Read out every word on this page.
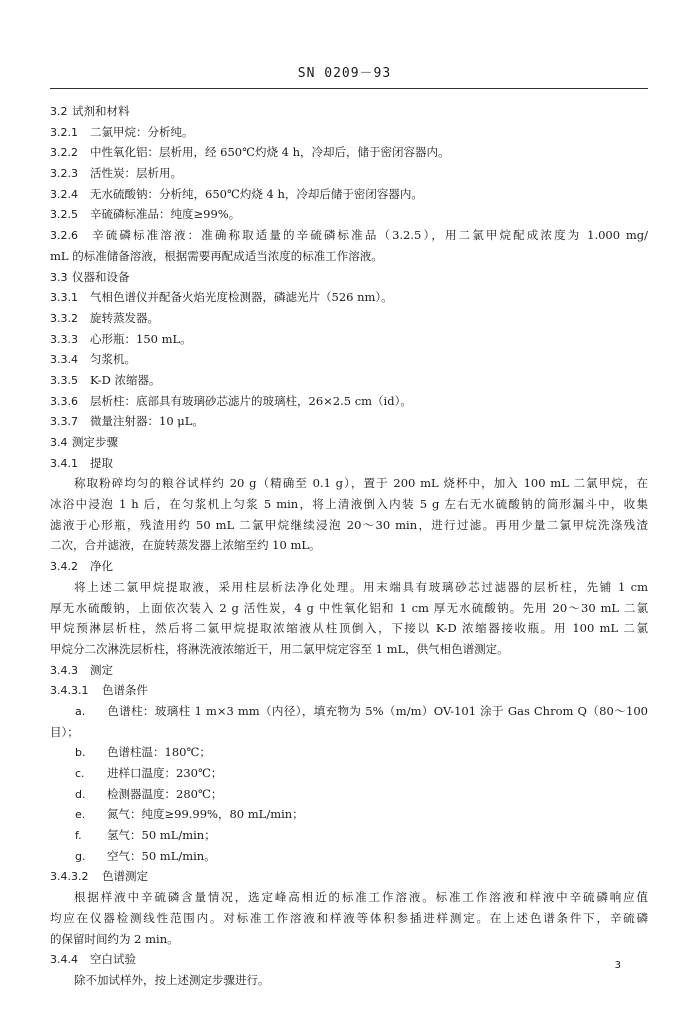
SN 0209－93
3.2 试剂和材料
3.2.1 二氯甲烷：分析纯。
3.2.2 中性氧化铝：层析用，经 650℃灼烧 4 h，冷却后，储于密闭容器内。
3.2.3 活性炭：层析用。
3.2.4 无水硫酸钠：分析纯，650℃灼烧 4 h，冷却后储于密闭容器内。
3.2.5 辛硫磷标准品：纯度≥99%。
3.2.6 辛硫磷标准溶液：准确称取适量的辛硫磷标准品（3.2.5），用二氯甲烷配成浓度为 1.000 mg/
mL 的标准储备溶液，根据需要再配成适当浓度的标准工作溶液。
3.3 仪器和设备
3.3.1 气相色谱仪并配备火焰光度检测器，磷滤光片（526 nm）。
3.3.2 旋转蒸发器。
3.3.3 心形瓶：150 mL。
3.3.4 匀浆机。
3.3.5 K-D 浓缩器。
3.3.6 层析柱：底部具有玻璃砂芯滤片的玻璃柱，26×2.5 cm（id）。
3.3.7 微量注射器：10 μL。
3.4 测定步骤
3.4.1 提取
称取粉碎均匀的粮谷试样约 20 g（精确至 0.1 g），置于 200 mL 烧杯中，加入 100 mL 二氯甲烷，在
冰浴中浸泡 1 h 后，在匀浆机上匀浆 5 min，将上清液倒入内装 5 g 左右无水硫酸钠的筒形漏斗中，收集
滤液于心形瓶，残渣用约 50 mL 二氯甲烷继续浸泡 20～30 min，进行过滤。再用少量二氯甲烷洗涤残渣
二次，合并滤液，在旋转蒸发器上浓缩至约 10 mL。
3.4.2 净化
将上述二氯甲烷提取液，采用柱层析法净化处理。用末端具有玻璃砂芯过滤器的层析柱，先铺 1 cm
厚无水硫酸钠，上面依次装入 2 g 活性炭，4 g 中性氧化铝和 1 cm 厚无水硫酸钠。先用 20～30 mL 二氯
甲烷预淋层析柱，然后将二氯甲烷提取浓缩液从柱顶倒入，下接以 K-D 浓缩器接收瓶。用 100 mL 二氯
甲烷分二次淋洗层析柱，将淋洗液浓缩近干，用二氯甲烷定容至 1 mL，供气相色谱测定。
3.4.3 测定
3.4.3.1 色谱条件
a. 色谱柱：玻璃柱 1 m×3 mm（内径），填充物为 5%（m/m）OV-101 涂于 Gas Chrom Q（80～100
目）；
b. 色谱柱温：180℃；
c. 进样口温度：230℃；
d. 检测器温度：280℃；
e. 氮气：纯度≥99.99%，80 mL/min；
f. 氢气：50 mL/min；
g. 空气：50 mL/min。
3.4.3.2 色谱测定
根据样液中辛硫磷含量情况，选定峰高相近的标准工作溶液。标准工作溶液和样液中辛硫磷响应值
均应在仪器检测线性范围内。对标准工作溶液和样液等体积参插进样测定。在上述色谱条件下，辛硫磷
的保留时间约为 2 min。
3.4.4 空白试验
除不加试样外，按上述测定步骤进行。
3
